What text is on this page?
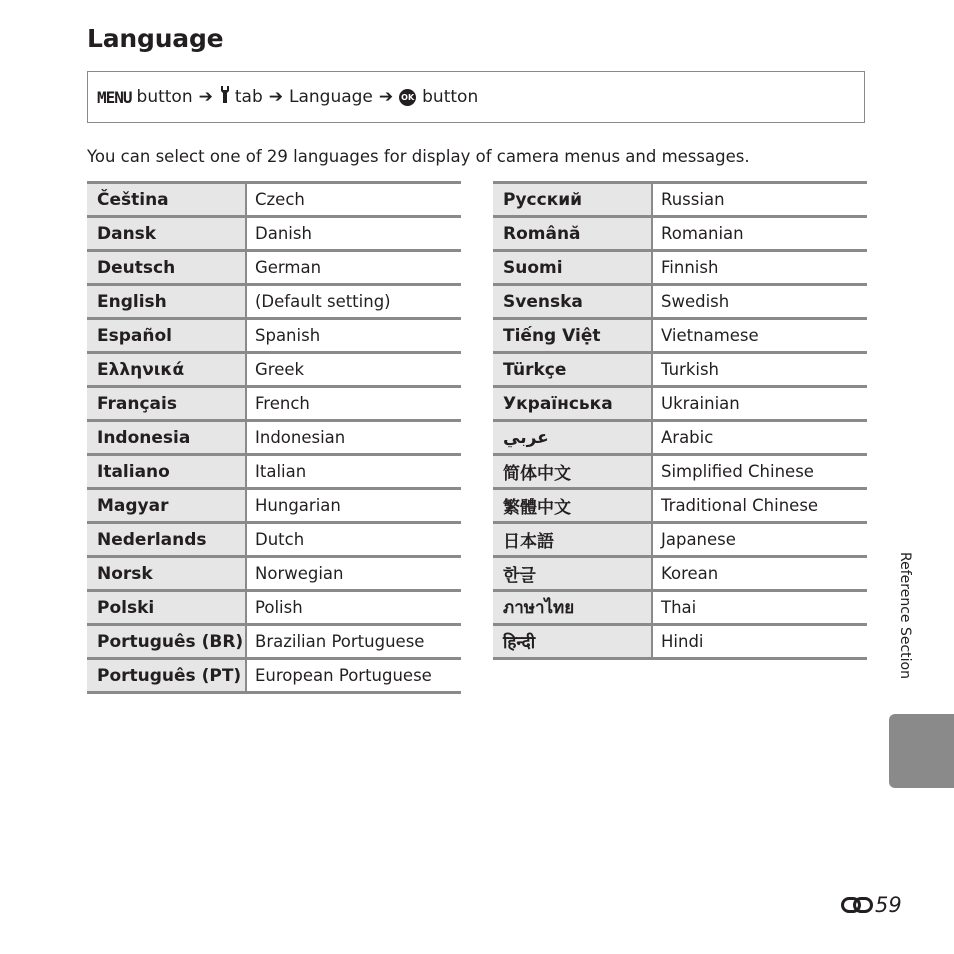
Language
MENU button ➔ tab ➔ Language ➔ OK button
You can select one of 29 languages for display of camera menus and messages.
Čeština	Czech
Dansk	Danish
Deutsch	German
English	(Default setting)
Español	Spanish
Ελληνικά	Greek
Français	French
Indonesia	Indonesian
Italiano	Italian
Magyar	Hungarian
Nederlands	Dutch
Norsk	Norwegian
Polski	Polish
Português (BR)	Brazilian Portuguese
Português (PT)	European Portuguese
Русский	Russian
Română	Romanian
Suomi	Finnish
Svenska	Swedish
Tiếng Việt	Vietnamese
Türkçe	Turkish
Українська	Ukrainian
عربي	Arabic
简体中文	Simplified Chinese
繁體中文	Traditional Chinese
日本語	Japanese
한글	Korean
ภาษาไทย	Thai
हिन्दी	Hindi	Reference Section
59
